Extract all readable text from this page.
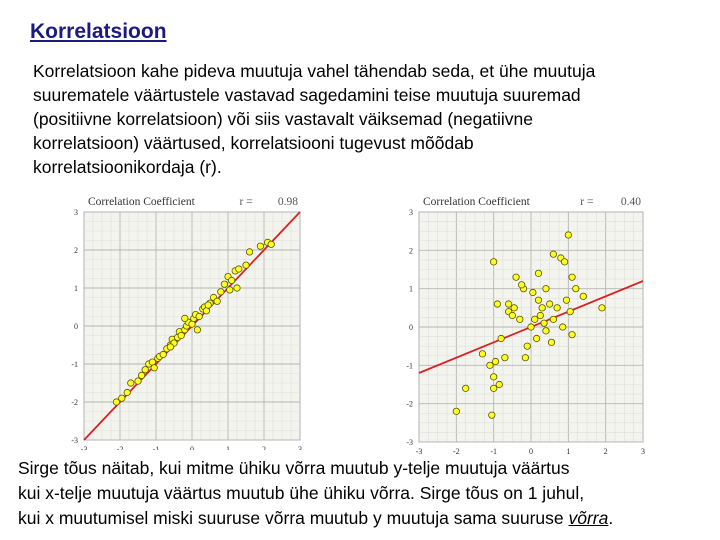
Korrelatsioon
Korrelatsioon kahe pideva muutuja vahel tähendab seda, et ühe muutuja
suurematele väärtustele vastavad sagedamini teise muutuja suuremad
(positiivne korrelatsioon) või siis vastavalt väiksemad (negatiivne
korrelatsioon) väärtused, korrelatsiooni tugevust mõõdab
korrelatsioonikordaja (r).
-3	-2	-1	0	1	2	3
3
2
1
0
-1
-2
-3
Correlation Coefficient	r = 0.98
-3	-2	-1	0	1	2	3
3
2
1
0
-1
-2
-3
Correlation Coefficient	r = 0.40
Sirge tõus näitab, kui mitme ühiku võrra muutub y-telje muutuja väärtus
kui x-telje muutuja väärtus muutub ühe ühiku võrra. Sirge tõus on 1 juhul,
kui x muutumisel miski suuruse võrra muutub y muutuja sama suuruse võrra.
